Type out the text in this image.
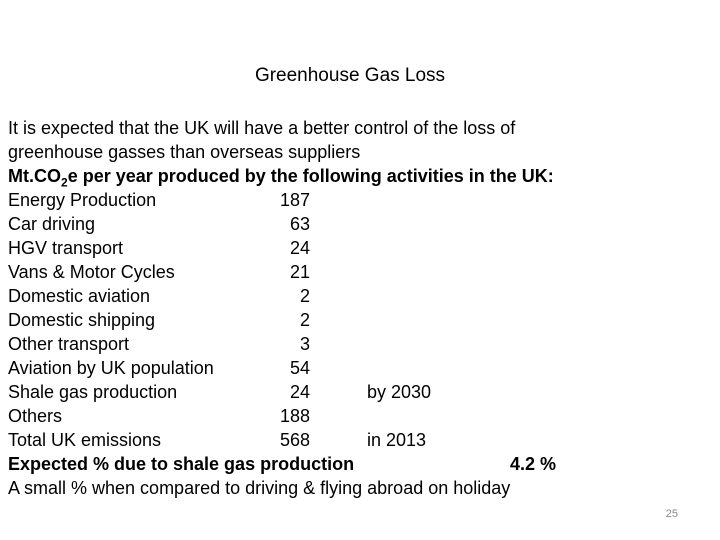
Greenhouse Gas Loss
It is expected that the UK will have a better control of the loss of
greenhouse gasses than overseas suppliers
$Mt.CO_2e$ per year produced by the following activities in the UK:
Energy Production	187
Car driving	63
HGV transport	24
Vans & Motor Cycles	21
Domestic aviation	2
Domestic shipping	2
Other transport	3
Aviation by UK population	54
Shale gas production	24	by 2030
Others	188
Total UK emissions	568	in 2013
Expected % due to shale gas production	4.2 %
A small % when compared to driving & flying abroad on holiday
25
